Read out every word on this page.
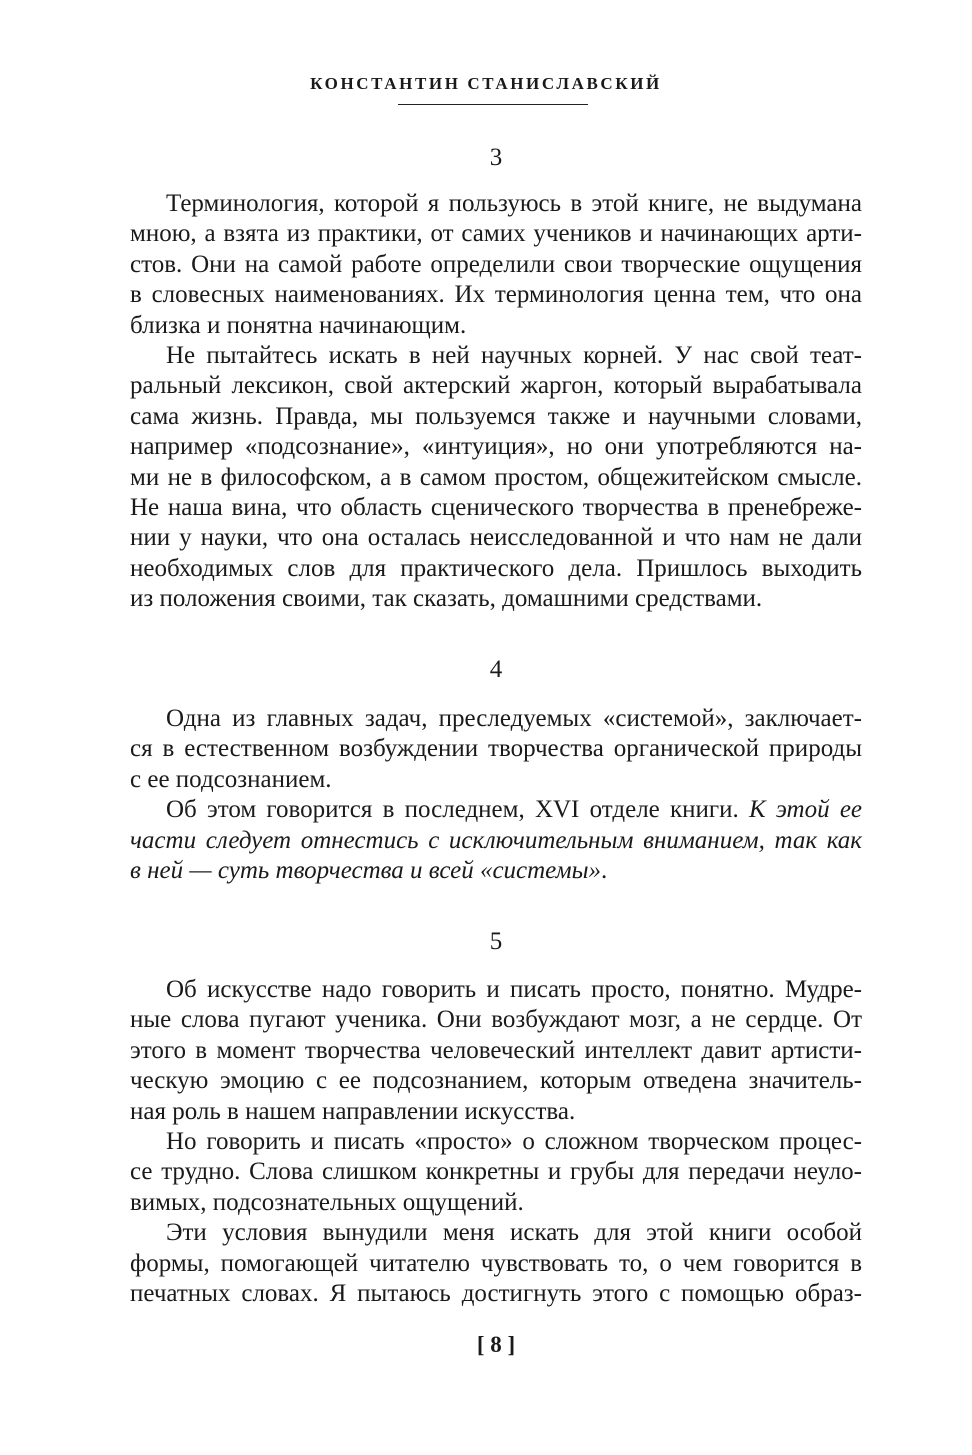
КОНСТАНТИН СТАНИСЛАВСКИЙ
3
Терминология, которой я пользуюсь в этой книге, не выдумана
мною, а взята из практики, от самих учеников и начинающих арти-
стов. Они на самой работе определили свои творческие ощущения
в словесных наименованиях. Их терминология ценна тем, что она
близка и понятна начинающим.
Не пытайтесь искать в ней научных корней. У нас свой теат-
ральный лексикон, свой актерский жаргон, который вырабатывала
сама жизнь. Правда, мы пользуемся также и научными словами,
например «подсознание», «интуиция», но они употребляются на-
ми не в философском, а в самом простом, общежитейском смысле.
Не наша вина, что область сценического творчества в пренебреже-
нии у науки, что она осталась неисследованной и что нам не дали
необходимых слов для практического дела. Пришлось выходить
из положения своими, так сказать, домашними средствами.
4
Одна из главных задач, преследуемых «системой», заключает-
ся в естественном возбуждении творчества органической природы
с ее подсознанием.
Об этом говорится в последнем, XVI отделе книги. К этой ее
части следует отнестись с исключительным вниманием, так как
в ней — суть творчества и всей «системы».
5
Об искусстве надо говорить и писать просто, понятно. Мудре-
ные слова пугают ученика. Они возбуждают мозг, а не сердце. От
этого в момент творчества человеческий интеллект давит артисти-
ческую эмоцию с ее подсознанием, которым отведена значитель-
ная роль в нашем направлении искусства.
Но говорить и писать «просто» о сложном творческом процес-
се трудно. Слова слишком конкретны и грубы для передачи неуло-
вимых, подсознательных ощущений.
Эти условия вынудили меня искать для этой книги особой
формы, помогающей читателю чувствовать то, о чем говорится в
печатных словах. Я пытаюсь достигнуть этого с помощью образ-
[ 8 ]
